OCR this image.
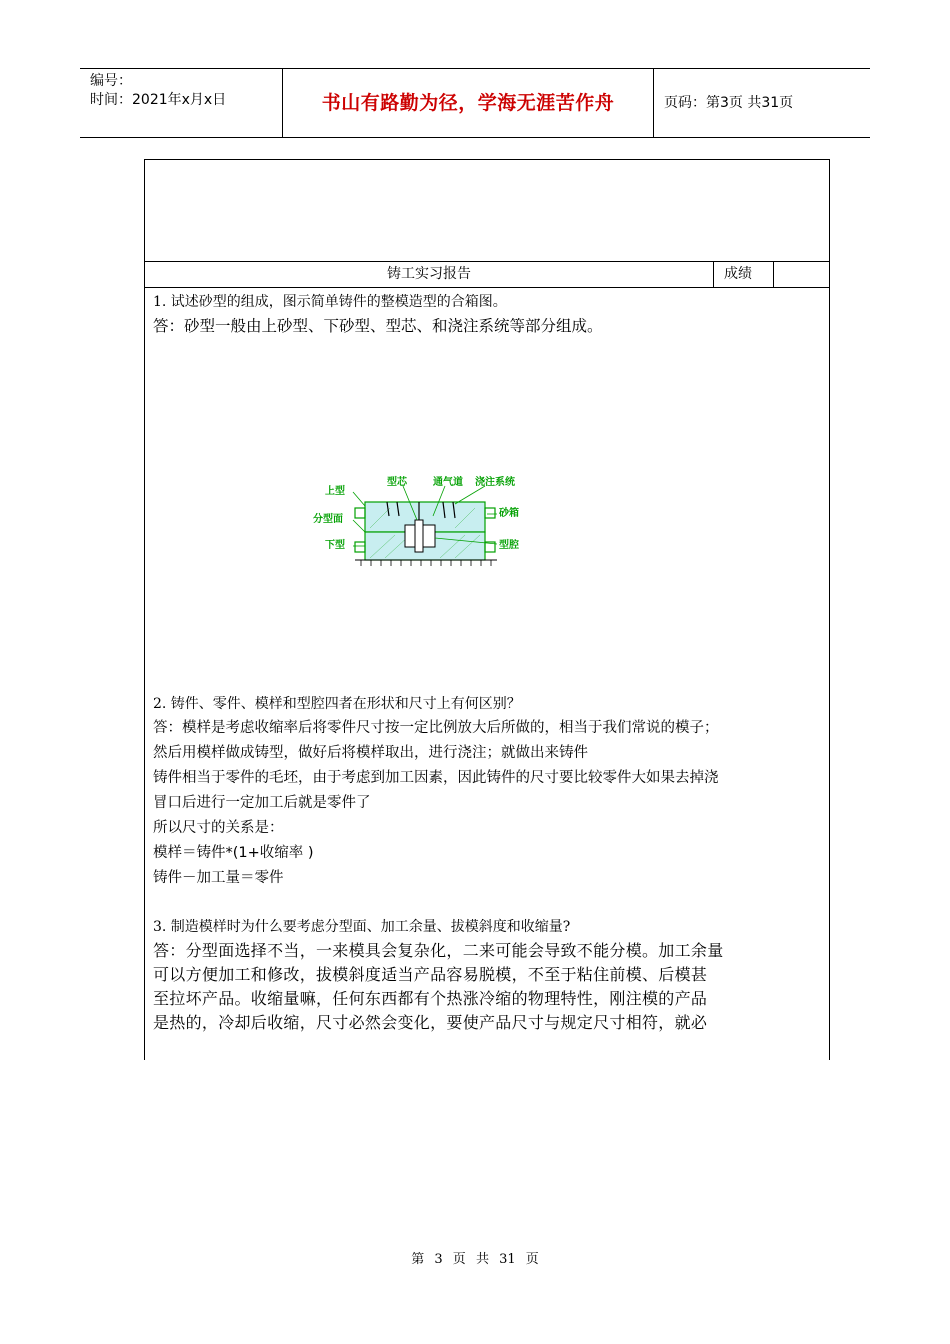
编号：
时间：2021年x月x日	书山有路勤为径，学海无涯苦作舟	页码：第3页 共31页
铸工实习报告	成绩
1. 试述砂型的组成，图示简单铸件的整模造型的合箱图。
答：砂型一般由上砂型、下砂型、型芯、和浇注系统等部分组成。
上型
分型面
下型
型芯	通气道 浇注系统
砂箱
型腔
2. 铸件、零件、模样和型腔四者在形状和尺寸上有何区别？
答：模样是考虑收缩率后将零件尺寸按一定比例放大后所做的，相当于我们常说的模子；
然后用模样做成铸型，做好后将模样取出，进行浇注；就做出来铸件
铸件相当于零件的毛坯，由于考虑到加工因素，因此铸件的尺寸要比较零件大如果去掉浇
冒口后进行一定加工后就是零件了
所以尺寸的关系是：
模样＝铸件*(1+收缩率 )
铸件－加工量＝零件
3. 制造模样时为什么要考虑分型面、加工余量、拔模斜度和收缩量?
答：分型面选择不当，一来模具会复杂化，二来可能会导致不能分模。加工余量
可以方便加工和修改，拔模斜度适当产品容易脱模，不至于粘住前模、后模甚
至拉坏产品。收缩量嘛，任何东西都有个热涨冷缩的物理特性，刚注模的产品
是热的，冷却后收缩，尺寸必然会变化，要使产品尺寸与规定尺寸相符，就必
第 3 页 共 31 页
